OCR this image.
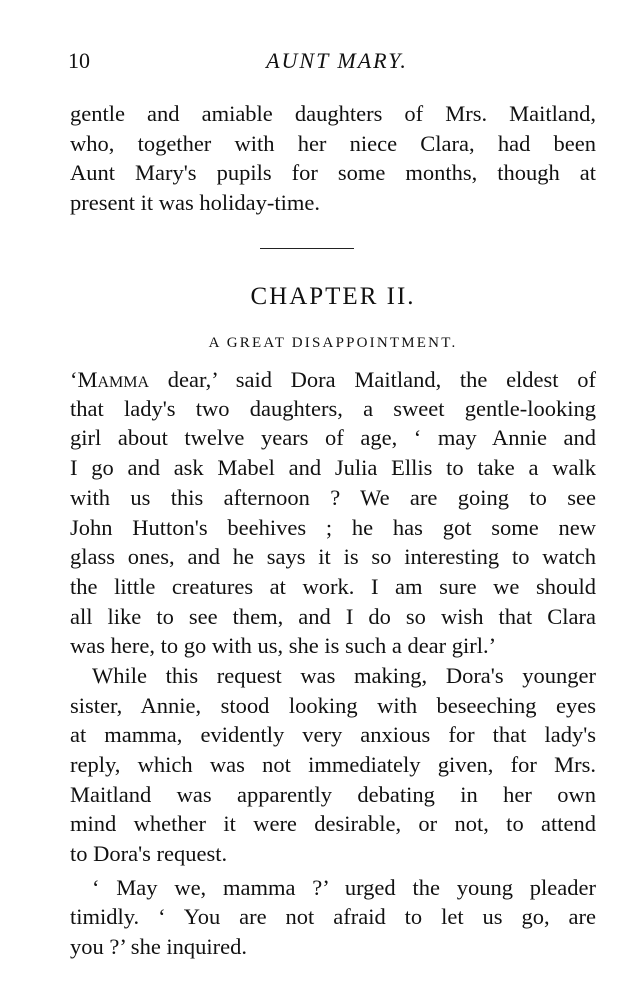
10	AUNT MARY.
gentle and amiable daughters of Mrs. Maitland,
who, together with her niece Clara, had been
Aunt Mary's pupils for some months, though at
present it was holiday-time.
CHAPTER II.
A GREAT DISAPPOINTMENT.
‘Mamma dear,’ said Dora Maitland, the eldest of
that lady's two daughters, a sweet gentle-looking
girl about twelve years of age, ‘ may Annie and
I go and ask Mabel and Julia Ellis to take a walk
with us this afternoon ? We are going to see
John Hutton's beehives ; he has got some new
glass ones, and he says it is so interesting to watch
the little creatures at work. I am sure we should
all like to see them, and I do so wish that Clara
was here, to go with us, she is such a dear girl.’
While this request was making, Dora's younger
sister, Annie, stood looking with beseeching eyes
at mamma, evidently very anxious for that lady's
reply, which was not immediately given, for Mrs.
Maitland was apparently debating in her own
mind whether it were desirable, or not, to attend
to Dora's request.
‘ May we, mamma ?’ urged the young pleader
timidly. ‘ You are not afraid to let us go, are
you ?’ she inquired.
